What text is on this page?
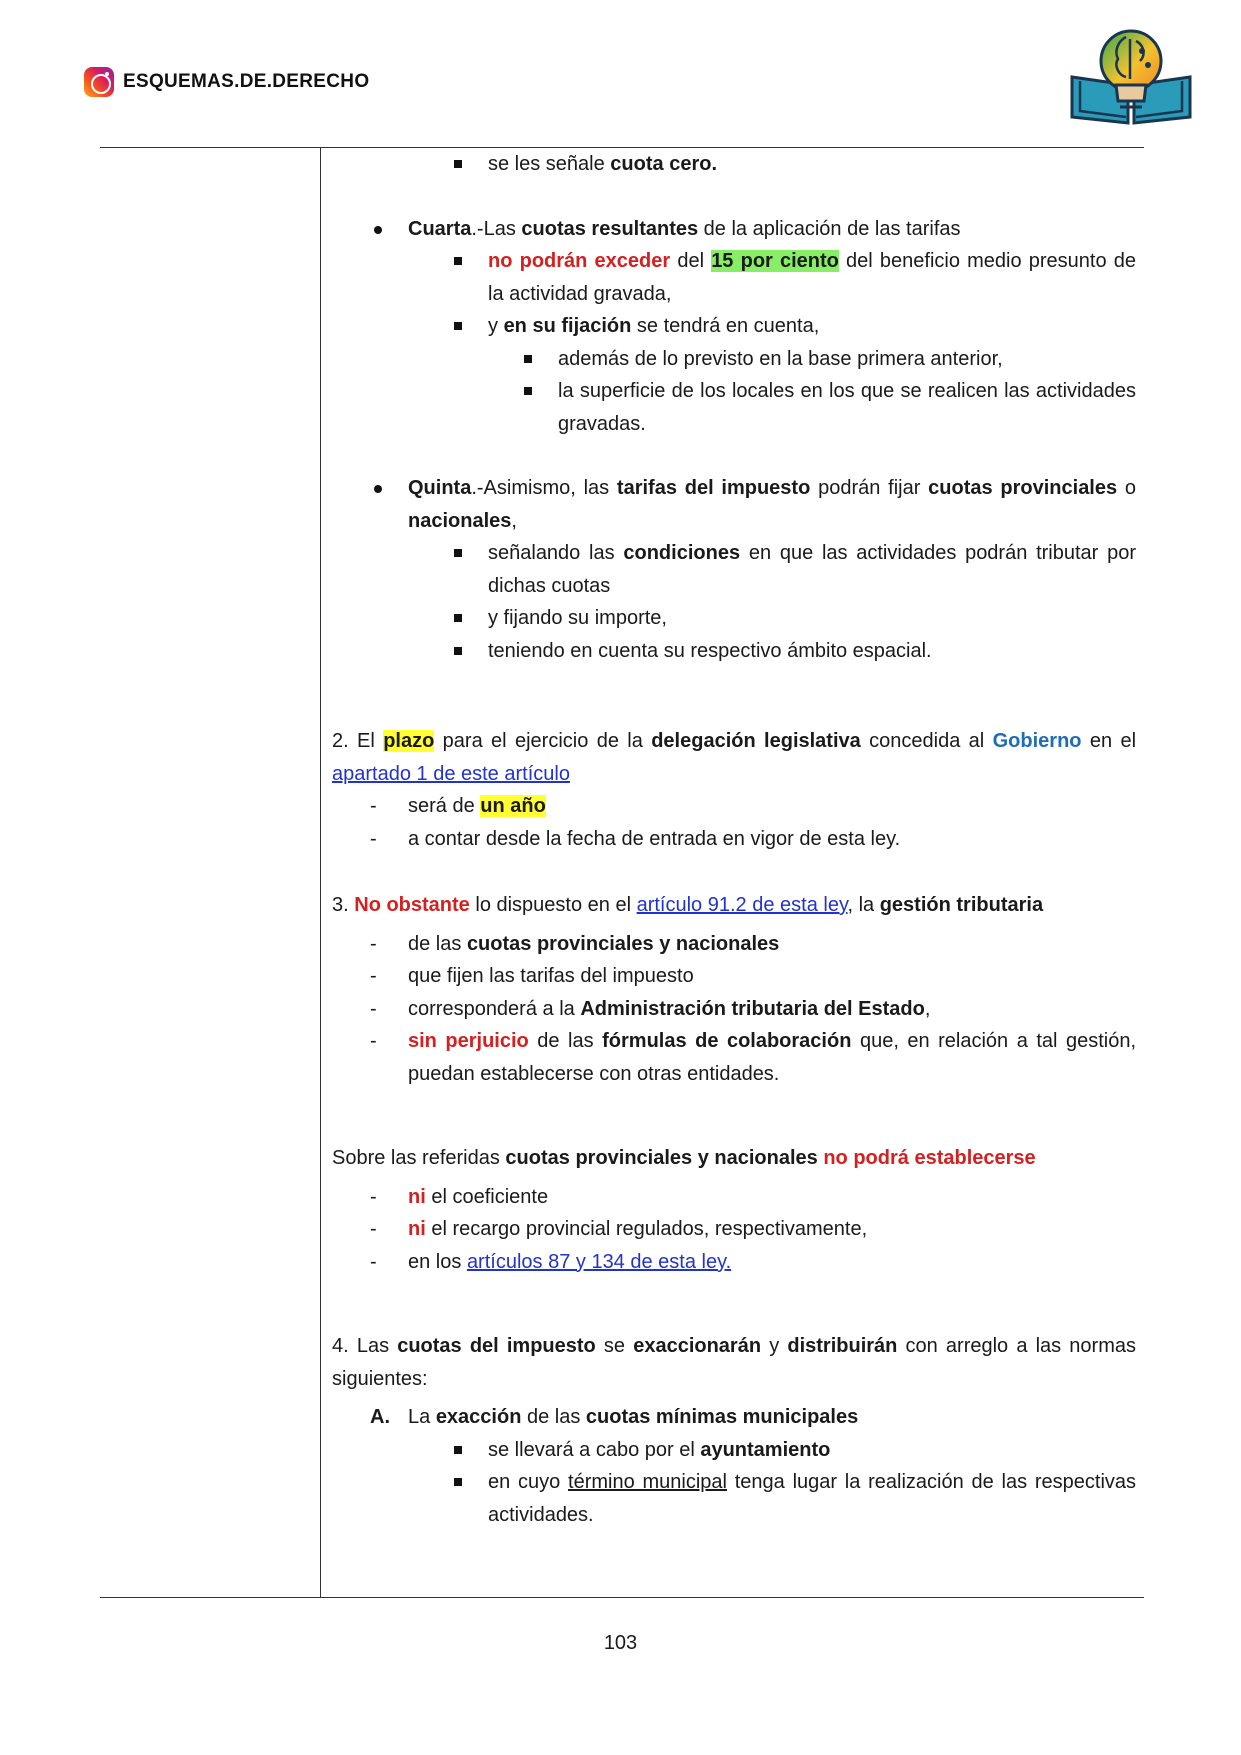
ESQUEMAS.DE.DERECHO

se les señale cuota cero.

Cuarta.-Las cuotas resultantes de la aplicación de las tarifas

no podrán exceder del 15 por ciento del beneficio medio presunto de la actividad gravada,

y en su fijación se tendrá en cuenta,

además de lo previsto en la base primera anterior,

la superficie de los locales en los que se realicen las actividades gravadas.

Quinta.-Asimismo, las tarifas del impuesto podrán fijar cuotas provinciales o nacionales,

señalando las condiciones en que las actividades podrán tributar por dichas cuotas

y fijando su importe,

teniendo en cuenta su respectivo ámbito espacial.

2. El plazo para el ejercicio de la delegación legislativa concedida al Gobierno en el apartado 1 de este artículo

- será de un año

- a contar desde la fecha de entrada en vigor de esta ley.

3. No obstante lo dispuesto en el artículo 91.2 de esta ley, la gestión tributaria

- de las cuotas provinciales y nacionales

- que fijen las tarifas del impuesto

- corresponderá a la Administración tributaria del Estado,

- sin perjuicio de las fórmulas de colaboración que, en relación a tal gestión, puedan establecerse con otras entidades.

Sobre las referidas cuotas provinciales y nacionales no podrá establecerse

- ni el coeficiente

- ni el recargo provincial regulados, respectivamente,

- en los artículos 87 y 134 de esta ley.

4. Las cuotas del impuesto se exaccionarán y distribuirán con arreglo a las normas siguientes:

A. La exacción de las cuotas mínimas municipales

se llevará a cabo por el ayuntamiento

en cuyo término municipal tenga lugar la realización de las respectivas actividades.

103
